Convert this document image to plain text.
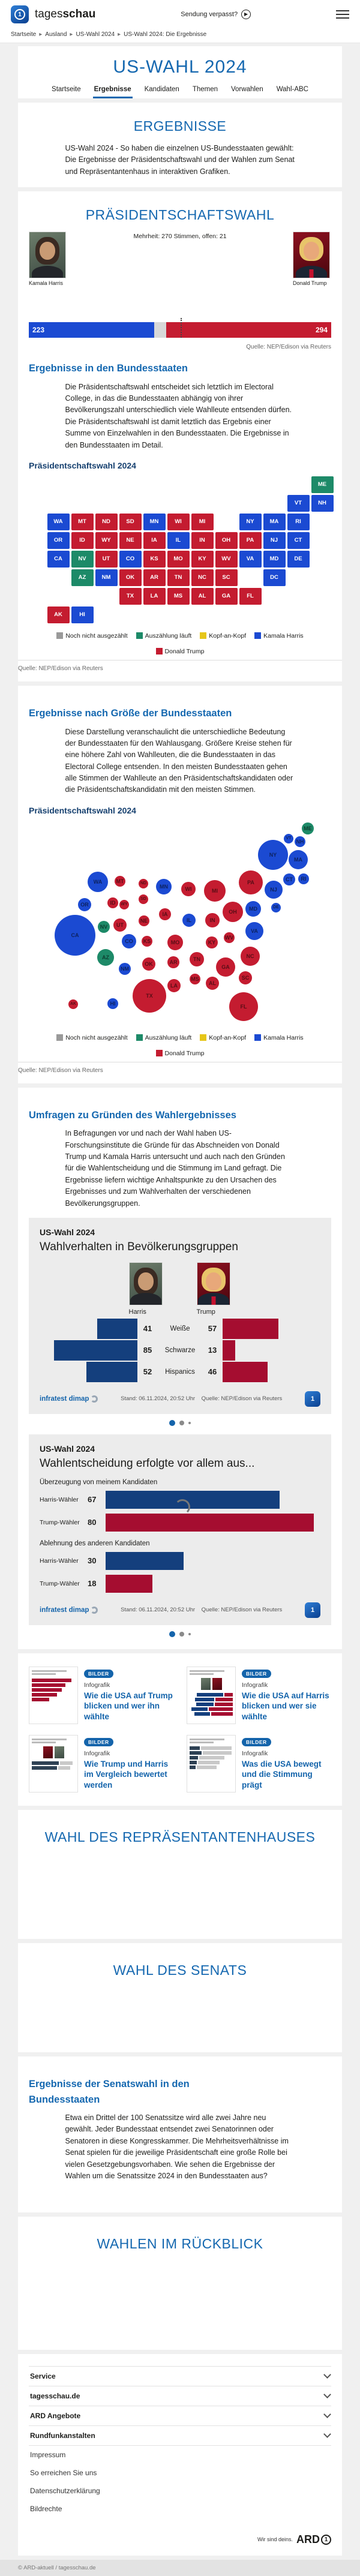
1	tagesschau	Sendung verpasst?	▶
Startseite ▸ Ausland ▸ US-Wahl 2024 ▸ US-Wahl 2024: Die Ergebnisse
US-WAHL 2024
Startseite Ergebnisse Kandidaten Themen Vorwahlen Wahl-ABC
ERGEBNISSE

US-Wahl 2024 - So haben die einzelnen US-Bundesstaaten gewählt: Die Ergebnisse der Präsidentschaftswahl und der Wahlen zum Senat und Repräsentantenhaus in interaktiven Grafiken.

PRÄSIDENTSCHAFTSWAHL
Kamala Harris
Mehrheit: 270 Stimmen, offen: 21
Donald Trump
223	294
Quelle: NEP/Edison via Reuters
Ergebnisse in den Bundesstaaten

Die Präsidentschaftswahl entscheidet sich letztlich im Electoral College, in das die Bundesstaaten abhängig von ihrer Bevölkerungszahl unterschiedlich viele Wahlleute entsenden dürfen. Die Präsidentschaftswahl ist damit letztlich das Ergebnis einer Summe von Einzelwahlen in den Bundesstaaten. Die Ergebnisse in den Bundesstaaten im Detail.

Präsidentschaftswahl 2024
WA
OR
CA	CO
NM
MN
IL
VA
NY
VT	NH
MA
CT
RI
NJ
DE
MD
DC
HI
NV
AZ
ME
AK
ID
MT
WY
ND	SD
NE
KS
UT
OK
TX
IA
MO
AR
LA
WI	MI
IN	OH
KY
TN
MS	AL	GA	FL
SC
NC
WV
PA
Noch nicht ausgezählt	Auszählung läuft	Kopf-an-Kopf	Kamala Harris
Donald Trump
Quelle: NEP/Edison via Reuters
Ergebnisse nach Größe der Bundesstaaten

Diese Darstellung veranschaulicht die unterschiedliche Bedeutung der Bundesstaaten für den Wahlausgang. Größere Kreise stehen für eine höhere Zahl von Wahlleuten, die die Bundesstaaten in das Electoral College entsenden. In den meisten Bundesstaaten gehen alle Stimmen der Wahlleute an den Präsidentschaftskandidaten oder die Präsidentschaftskandidatin mit den meisten Stimmen.

Präsidentschaftswahl 2024
ME
VT NH
NY
MA
PA	CT	RI
NJ
WA	MT	ND	MN	WI	MI
OR	ID	WY
SD
MD	DE
IA
NE	IL	IN
OH
CA
NV	UT
VA
CO	KS	MO	KY
WV
NC
AZ
NM
OK	AR	TN
GA
SC
MS
AL
LA
TX
FL
AK	HI
Noch nicht ausgezählt	Auszählung läuft	Kopf-an-Kopf	Kamala Harris
Donald Trump
Quelle: NEP/Edison via Reuters
Umfragen zu Gründen des Wahlergebnisses

In Befragungen vor und nach der Wahl haben US-Forschungsinstitute die Gründe für das Abschneiden von Donald Trump und Kamala Harris untersucht und auch nach den Gründen für die Wahlentscheidung und die Stimmung im Land gefragt. Die Ergebnisse liefern wichtige Anhaltspunkte zu den Ursachen des Ergebnisses und zum Wahlverhalten der verschiedenen Bevölkerungsgruppen.

US-Wahl 2024
Wahlverhalten in Bevölkerungsgruppen
Harris	Trump
41	Weiße	57
85	Schwarze	13
52	Hispanics	46
infratest dimap	Stand: 06.11.2024, 20:52 Uhr Quelle: NEP/Edison via Reuters	1
US-Wahl 2024
Wahlentscheidung erfolgte vor allem aus...
Überzeugung von meinem Kandidaten
Harris-Wähler	67
Trump-Wähler	80
Ablehnung des anderen Kandidaten
Harris-Wähler	30
Trump-Wähler	18
infratest dimap	Stand: 06.11.2024, 20:52 Uhr Quelle: NEP/Edison via Reuters	1
BILDER
Infografik
Wie die USA auf Trump blicken und wer ihn wählte
BILDER
Infografik
Wie die USA auf Harris blicken und wer sie wählte
BILDER
Infografik
Wie Trump und Harris im Vergleich bewertet werden
BILDER
Infografik
Was die USA bewegt und die Stimmung prägt
WAHL DES REPRÄSENTANTENHAUSES
WAHL DES SENATS
Ergebnisse der Senatswahl in den Bundesstaaten

Etwa ein Drittel der 100 Senatssitze wird alle zwei Jahre neu gewählt. Jeder Bundesstaat entsendet zwei Senatorinnen oder Senatoren in diese Kongresskammer. Die Mehrheitsverhältnisse im Senat spielen für die jeweilige Präsidentschaft eine große Rolle bei vielen Gesetzgebungsvorhaben. Wie sehen die Ergebnisse der Wahlen um die Senatssitze 2024 in den Bundesstaaten aus?

WAHLEN IM RÜCKBLICK
Service
tagesschau.de
ARD Angebote
Rundfunkanstalten
Impressum
So erreichen Sie uns
Datenschutzerklärung
Bildrechte
Wir sind deins. ARD 1
© ARD-aktuell / tagesschau.de
